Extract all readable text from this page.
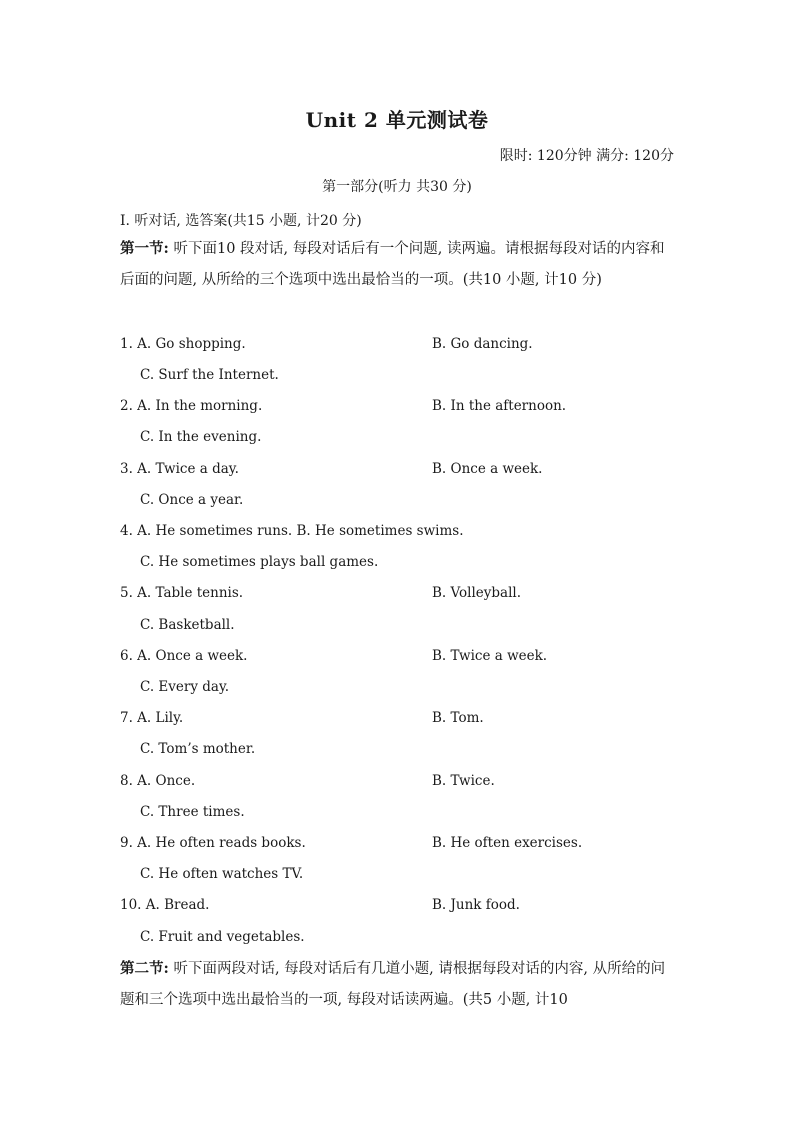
Unit 2 单元测试卷
限时: 120分钟 满分: 120分
第一部分(听力 共30 分)
I. 听对话, 选答案(共15 小题, 计20 分)
第一节: 听下面10 段对话, 每段对话后有一个问题, 读两遍。请根据每段对话的内容和后面的问题, 从所给的三个选项中选出最恰当的一项。(共10 小题, 计10 分)
1. A. Go shopping.	B. Go dancing.
C. Surf the Internet.
2. A. In the morning.	B. In the afternoon.
C. In the evening.
3. A. Twice a day.	B. Once a week.
C. Once a year.
4. A. He sometimes runs. B. He sometimes swims.
C. He sometimes plays ball games.
5. A. Table tennis.	B. Volleyball.
C. Basketball.
6. A. Once a week.	B. Twice a week.
C. Every day.
7. A. Lily.	B. Tom.
C. Tom’s mother.
8. A. Once.	B. Twice.
C. Three times.
9. A. He often reads books.	B. He often exercises.
C. He often watches TV.
10. A. Bread.	B. Junk food.
C. Fruit and vegetables.
第二节: 听下面两段对话, 每段对话后有几道小题, 请根据每段对话的内容, 从所给的问题和三个选项中选出最恰当的一项, 每段对话读两遍。(共5 小题, 计10
